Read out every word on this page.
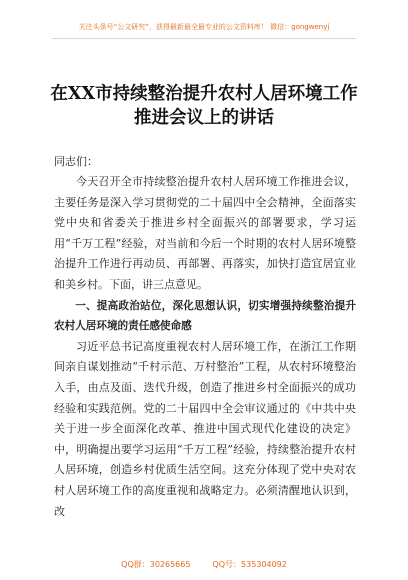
关注头条号“公文研究”，获得最新最全最专业的公文资料库！ 微信：gongwenyj
在XX市持续整治提升农村人居环境工作
推进会议上的讲话
同志们：

今天召开全市持续整治提升农村人居环境工作推进会议，主要任务是深入学习贯彻党的二十届四中全会精神，全面落实党中央和省委关于推进乡村全面振兴的部署要求，学习运用“千万工程”经验，对当前和今后一个时期的农村人居环境整治提升工作进行再动员、再部署、再落实，加快打造宜居宜业和美乡村。下面，讲三点意见。

一、提高政治站位，深化思想认识，切实增强持续整治提升农村人居环境的责任感使命感

习近平总书记高度重视农村人居环境工作，在浙江工作期间亲自谋划推动“千村示范、万村整治”工程，从农村环境整治入手，由点及面、迭代升级，创造了推进乡村全面振兴的成功经验和实践范例。党的二十届四中全会审议通过的《中共中央关于进一步全面深化改革、推进中国式现代化建设的决定》中，明确提出要学习运用“千万工程”经验，持续整治提升农村人居环境，创造乡村优质生活空间。这充分体现了党中央对农村人居环境工作的高度重视和战略定力。必须清醒地认识到，改

QQ群：30265665	QQ号：535304092
